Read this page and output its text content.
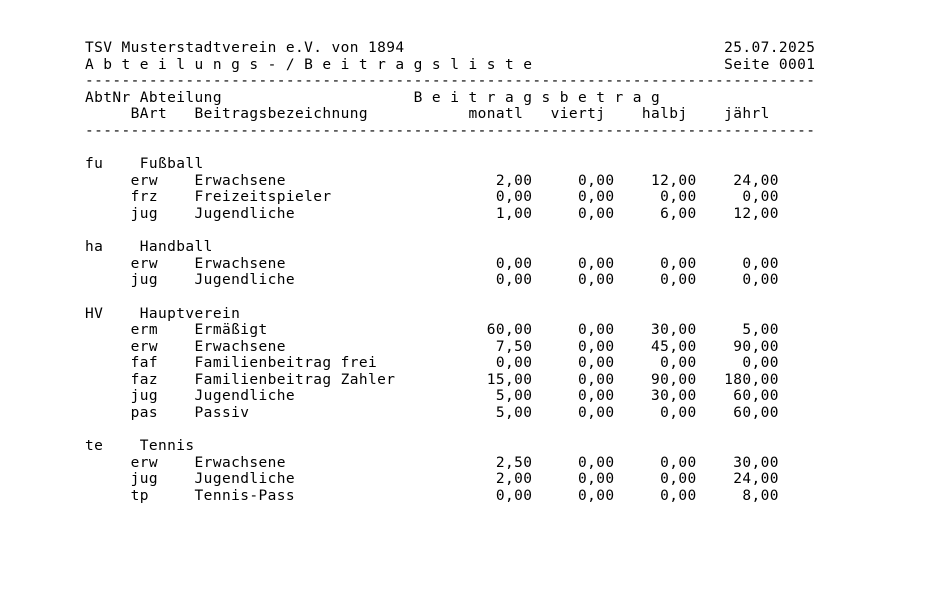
TSV Musterstadtverein e.V. von 1894                                   25.07.2025
A b t e i l u n g s - / B e i t r a g s l i s t e                     Seite 0001
--------------------------------------------------------------------------------
AbtNr Abteilung                     B e i t r a g s b e t r a g
BArt   Beitragsbezeichnung           monatl   viertj    halbj    jährl
--------------------------------------------------------------------------------

fu    Fußball
erw    Erwachsene                       2,00     0,00    12,00    24,00
frz    Freizeitspieler                  0,00     0,00     0,00     0,00
jug    Jugendliche                      1,00     0,00     6,00    12,00

ha    Handball
erw    Erwachsene                       0,00     0,00     0,00     0,00
jug    Jugendliche                      0,00     0,00     0,00     0,00

HV    Hauptverein
erm    Ermäßigt                        60,00     0,00    30,00     5,00
erw    Erwachsene                       7,50     0,00    45,00    90,00
faf    Familienbeitrag frei             0,00     0,00     0,00     0,00
faz    Familienbeitrag Zahler          15,00     0,00    90,00   180,00
jug    Jugendliche                      5,00     0,00    30,00    60,00
pas    Passiv                           5,00     0,00     0,00    60,00

te    Tennis
erw    Erwachsene                       2,50     0,00     0,00    30,00
jug    Jugendliche                      2,00     0,00     0,00    24,00
tp     Tennis-Pass                      0,00     0,00     0,00     8,00
